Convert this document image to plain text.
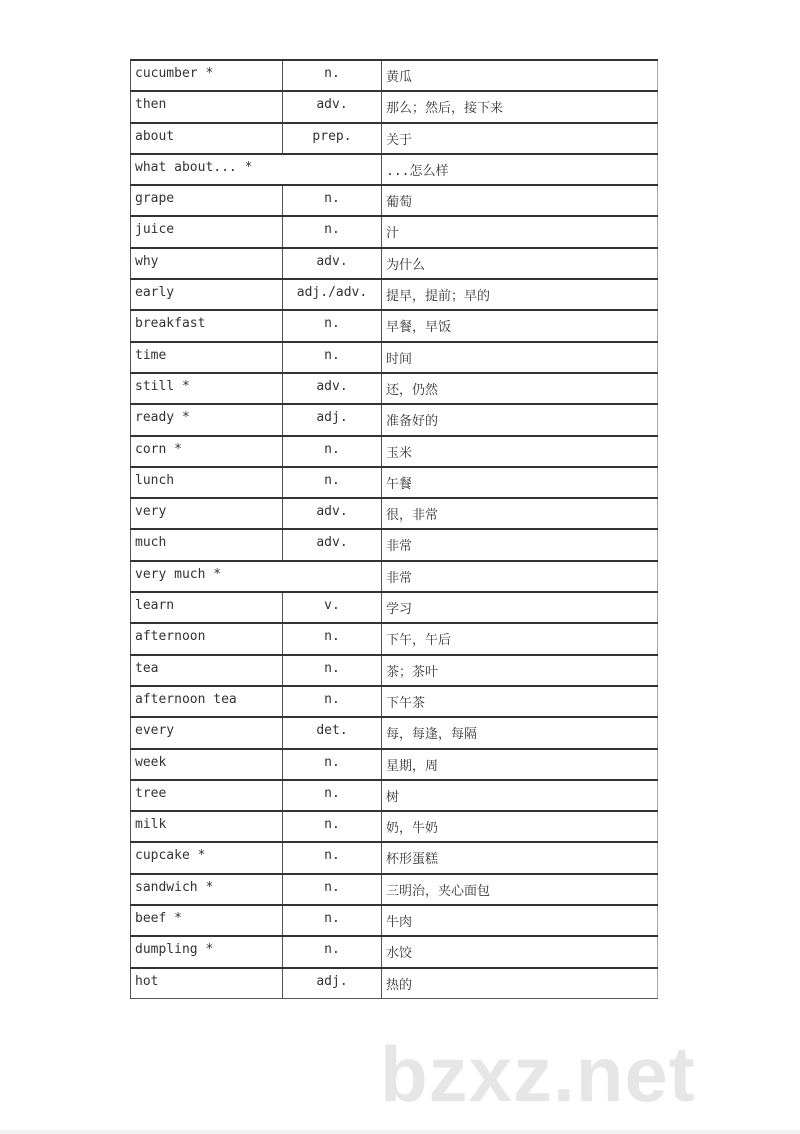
cucumber *	n.	黄瓜
then	adv.	那么；然后，接下来
about	prep.	关于
what about... *		...怎么样
grape	n.	葡萄
juice	n.	汁
why	adv.	为什么
early	adj./adv.	提早，提前；早的
breakfast	n.	早餐，早饭
time	n.	时间
still *	adv.	还，仍然
ready *	adj.	准备好的
corn *	n.	玉米
lunch	n.	午餐
very	adv.	很，非常
much	adv.	非常
very much *		非常
learn	v.	学习
afternoon	n.	下午，午后
tea	n.	茶；茶叶
afternoon tea	n.	下午茶
every	det.	每，每逢，每隔
week	n.	星期，周
tree	n.	树
milk	n.	奶，牛奶
cupcake *	n.	杯形蛋糕
sandwich *	n.	三明治，夹心面包
beef *	n.	牛肉
dumpling *	n.	水饺
hot	adj.	热的
bzxz.net
